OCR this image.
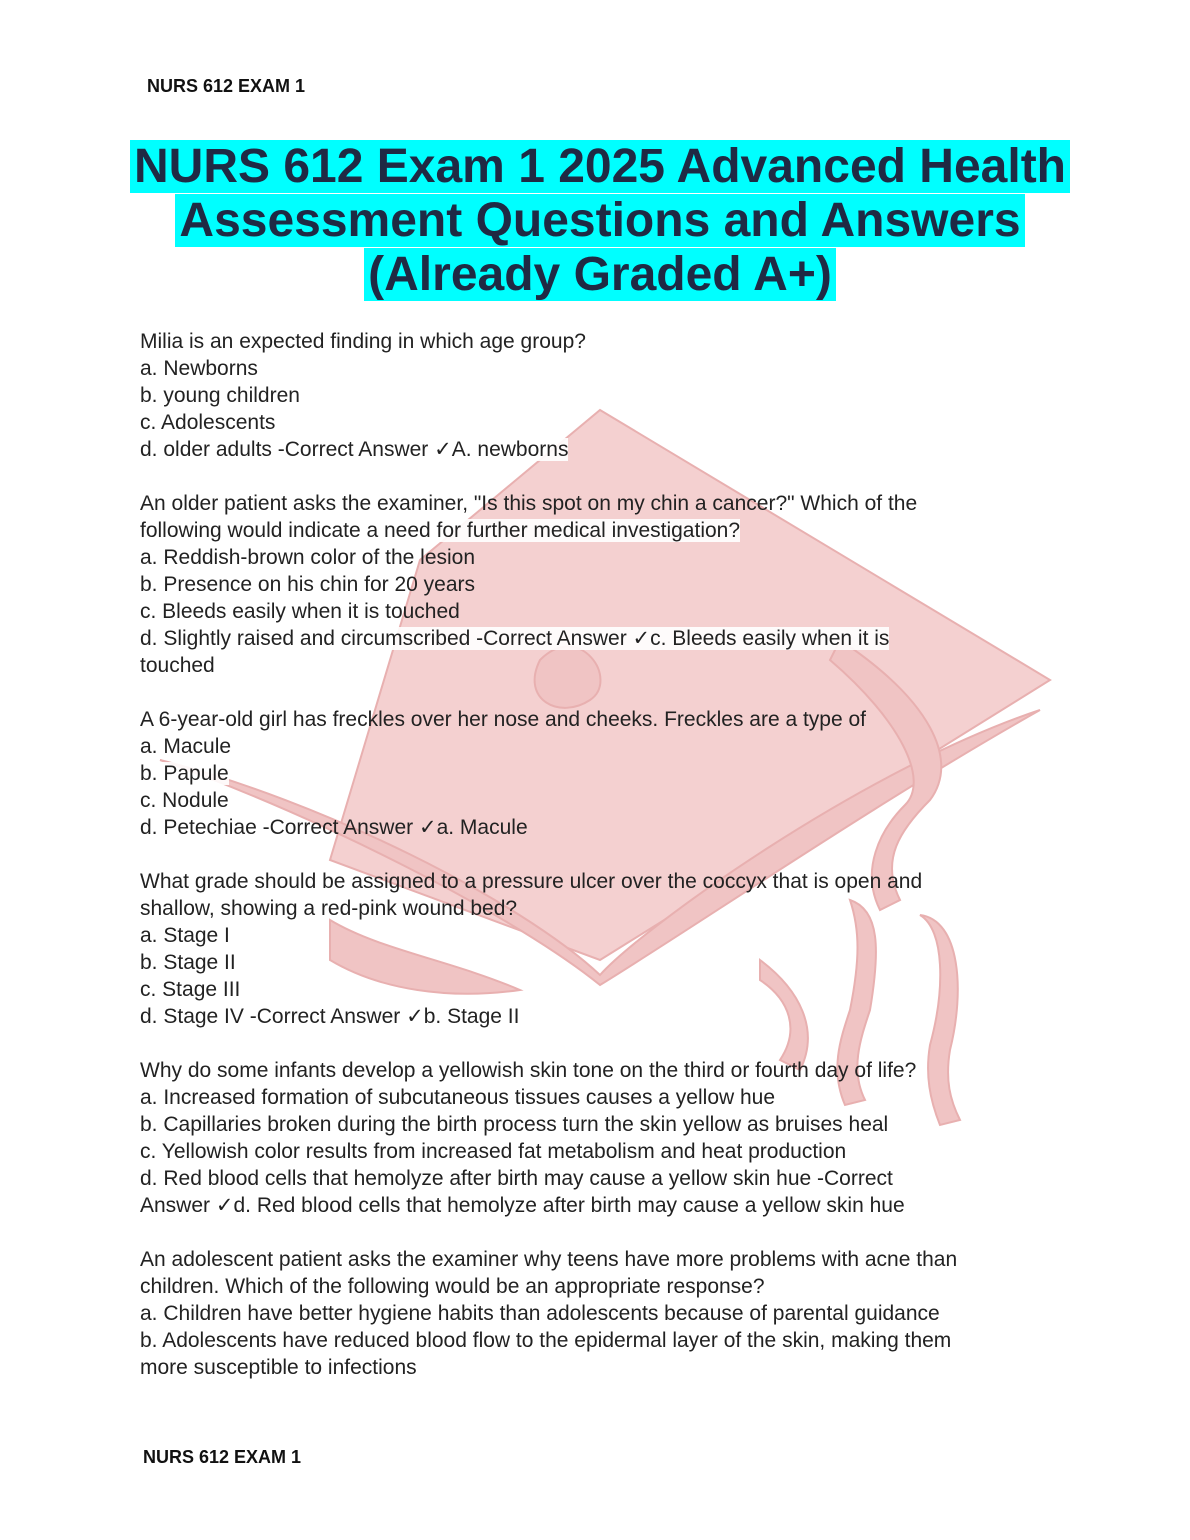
NURS 612 EXAM 1
NURS 612 Exam 1 2025 Advanced Health
Assessment Questions and Answers
(Already Graded A+)
Milia is an expected finding in which age group?
a. Newborns
b. young children
c. Adolescents
d. older adults -Correct Answer ✓A. newborns
An older patient asks the examiner, "Is this spot on my chin a cancer?" Which of the
following would indicate a need for further medical investigation?
a. Reddish-brown color of the lesion
b. Presence on his chin for 20 years
c. Bleeds easily when it is touched
d. Slightly raised and circumscribed -Correct Answer ✓c. Bleeds easily when it is
touched
A 6-year-old girl has freckles over her nose and cheeks. Freckles are a type of
a. Macule
b. Papule
c. Nodule
d. Petechiae -Correct Answer ✓a. Macule
What grade should be assigned to a pressure ulcer over the coccyx that is open and
shallow, showing a red-pink wound bed?
a. Stage I
b. Stage II
c. Stage III
d. Stage IV -Correct Answer ✓b. Stage II
Why do some infants develop a yellowish skin tone on the third or fourth day of life?
a. Increased formation of subcutaneous tissues causes a yellow hue
b. Capillaries broken during the birth process turn the skin yellow as bruises heal
c. Yellowish color results from increased fat metabolism and heat production
d. Red blood cells that hemolyze after birth may cause a yellow skin hue -Correct
Answer ✓d. Red blood cells that hemolyze after birth may cause a yellow skin hue
An adolescent patient asks the examiner why teens have more problems with acne than
children. Which of the following would be an appropriate response?
a. Children have better hygiene habits than adolescents because of parental guidance
b. Adolescents have reduced blood flow to the epidermal layer of the skin, making them
more susceptible to infections
NURS 612 EXAM 1
